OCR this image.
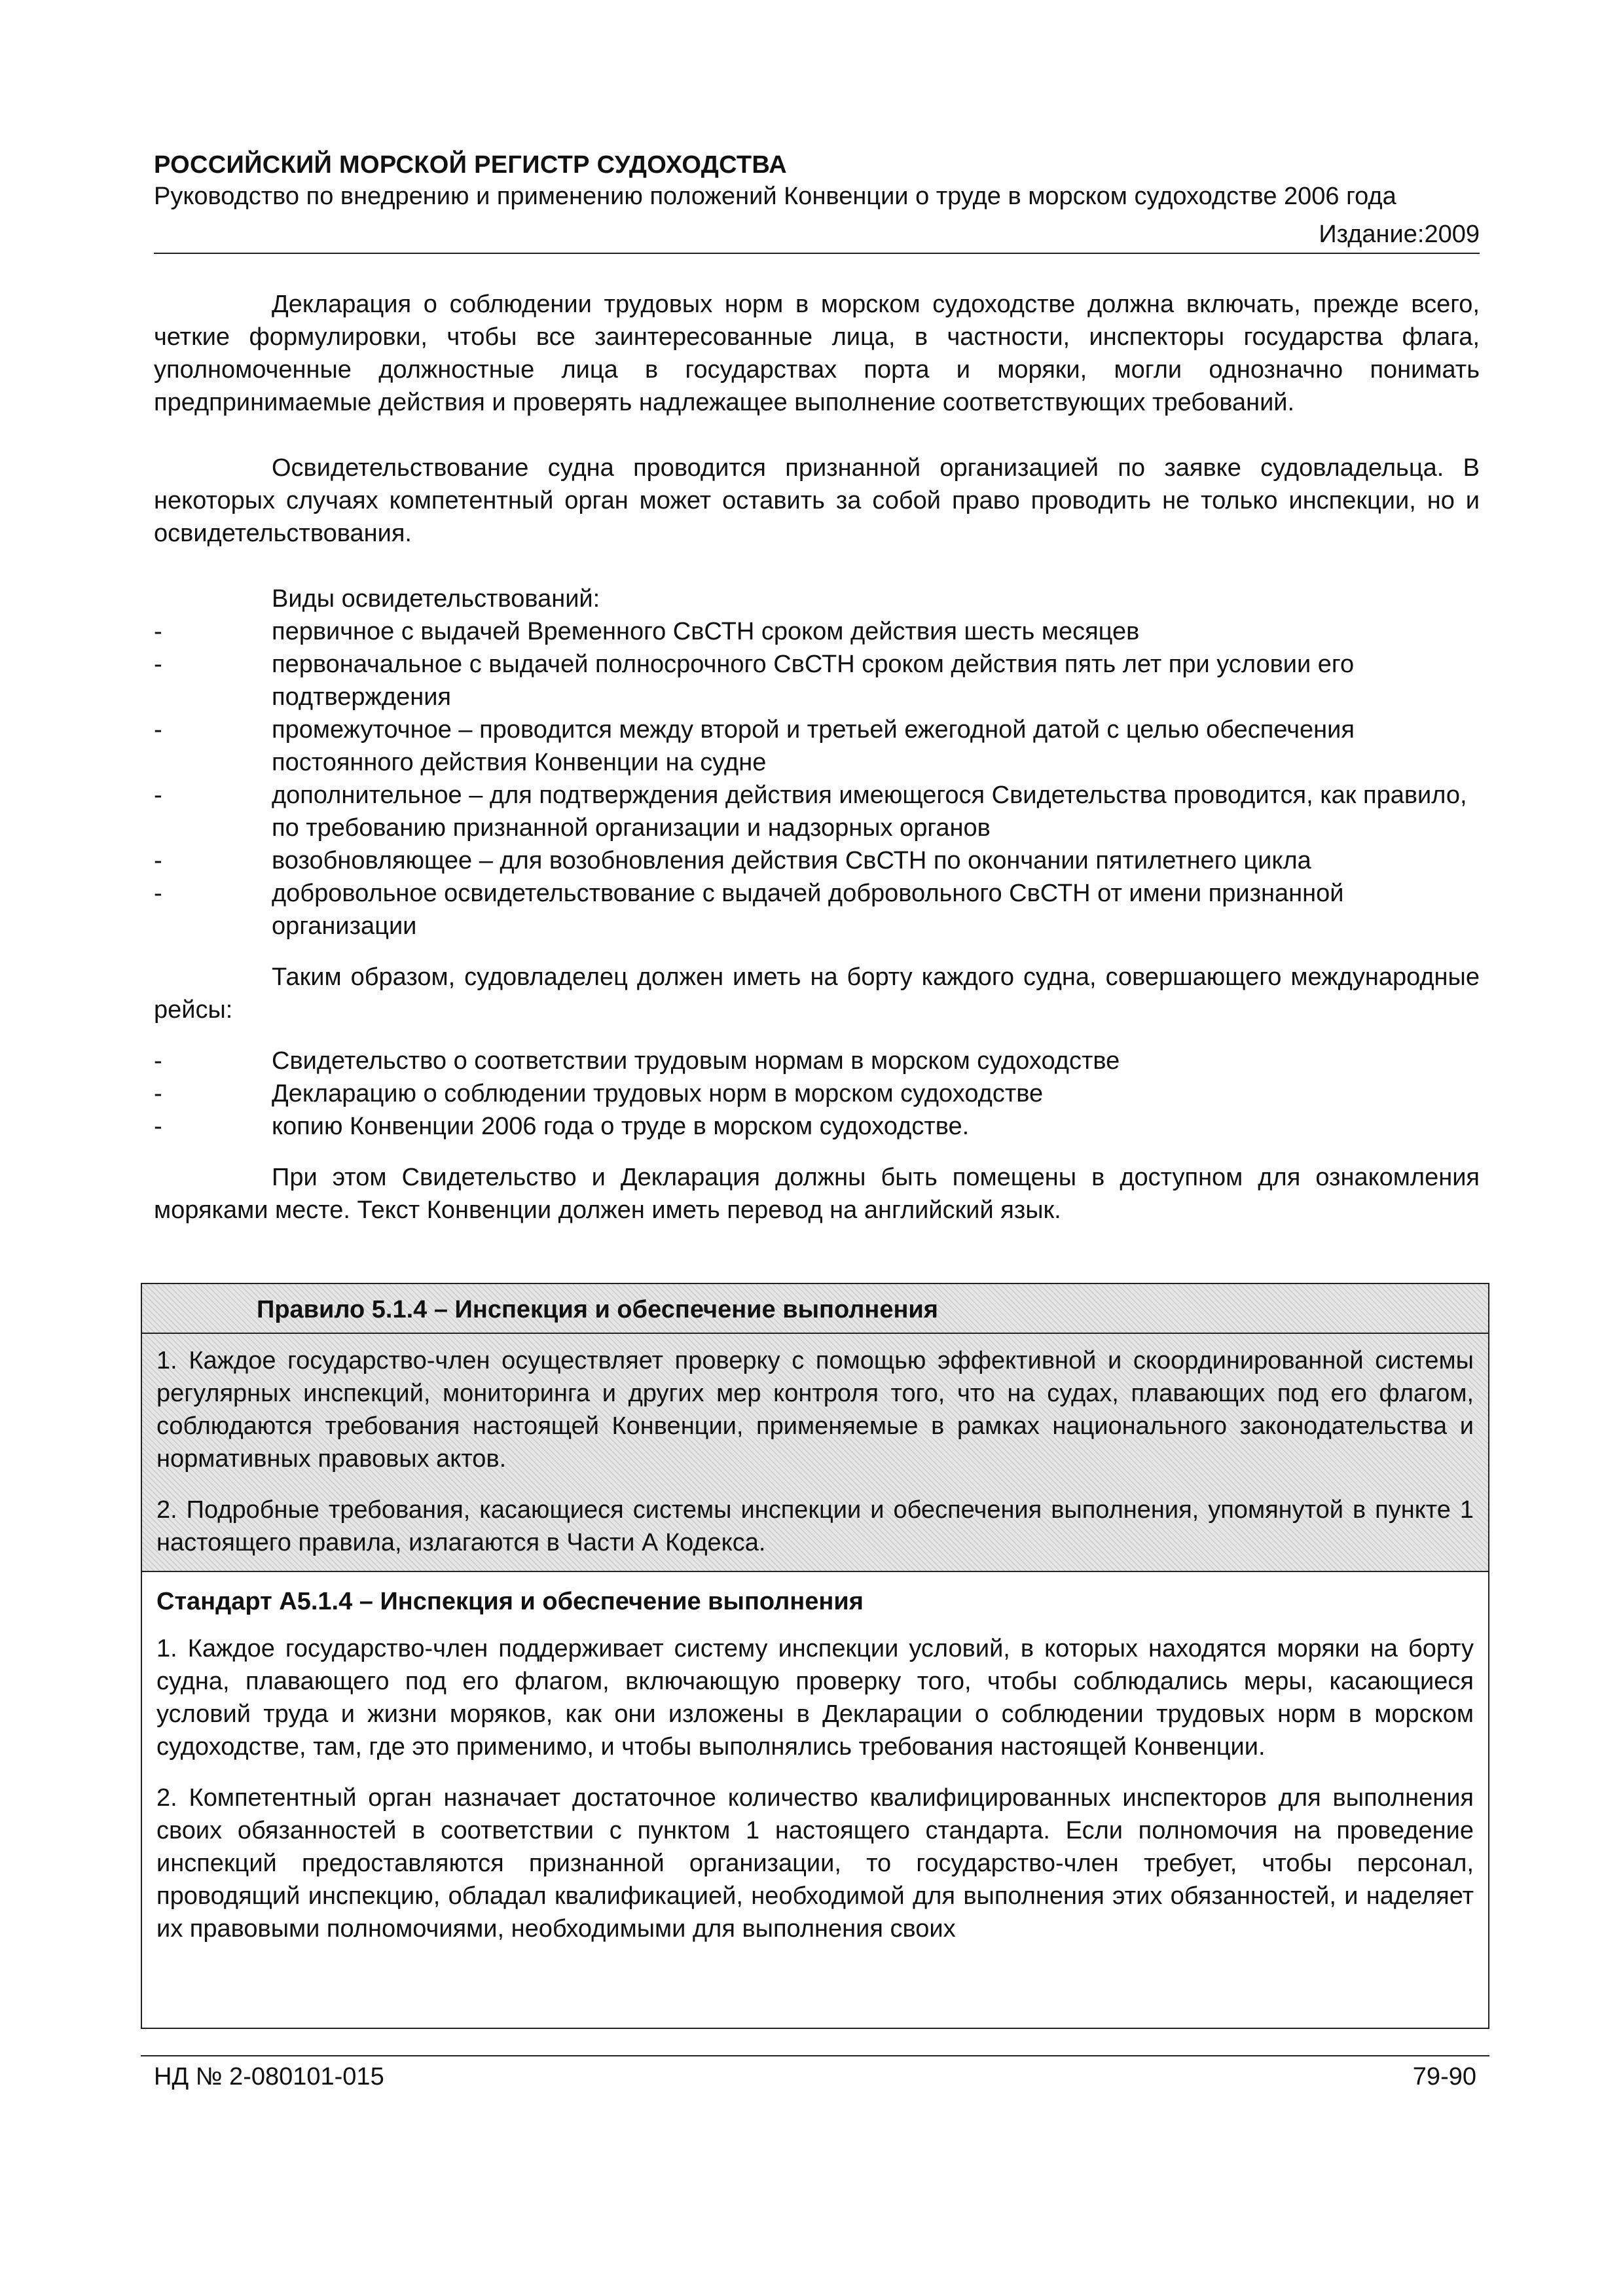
РОССИЙСКИЙ МОРСКОЙ РЕГИСТР СУДОХОДСТВА
Руководство по внедрению и применению положений Конвенции о труде в морском судоходстве 2006 года
Издание:2009

Декларация о соблюдении трудовых норм в морском судоходстве должна включать, прежде всего, четкие формулировки, чтобы все заинтересованные лица, в частности, инспекторы государства флага, уполномоченные должностные лица в государствах порта и моряки, могли однозначно понимать предпринимаемые действия и проверять надлежащее выполнение соответствующих требований.

Освидетельствование судна проводится признанной организацией по заявке судовладельца. В некоторых случаях компетентный орган может оставить за собой право проводить не только инспекции, но и освидетельствования.

Виды освидетельствований:

-	первичное с выдачей Временного СвСТН сроком действия шесть месяцев
-	первоначальное с выдачей полносрочного СвСТН сроком действия пять лет при условии его подтверждения
-	промежуточное – проводится между второй и третьей ежегодной датой с целью обеспечения постоянного действия Конвенции на судне
-	дополнительное – для подтверждения действия имеющегося Свидетельства проводится, как правило, по требованию признанной организации и надзорных органов
-	возобновляющее – для возобновления действия СвСТН по окончании пятилетнего цикла
-	добровольное освидетельствование с выдачей добровольного СвСТН от имени признанной организации

Таким образом, судовладелец должен иметь на борту каждого судна, совершающего международные рейсы:

-	Свидетельство о соответствии трудовым нормам в морском судоходстве
-	Декларацию о соблюдении трудовых норм в морском судоходстве
-	копию Конвенции 2006 года о труде в морском судоходстве.

При этом Свидетельство и Декларация должны быть помещены в доступном для ознакомления моряками месте. Текст Конвенции должен иметь перевод на английский язык.

Правило 5.1.4 – Инспекция и обеспечение выполнения

1. Каждое государство-член осуществляет проверку с помощью эффективной и скоординированной системы регулярных инспекций, мониторинга и других мер контроля того, что на судах, плавающих под его флагом, соблюдаются требования настоящей Конвенции, применяемые в рамках национального законодательства и нормативных правовых актов.

2. Подробные требования, касающиеся системы инспекции и обеспечения выполнения, упомянутой в пункте 1 настоящего правила, излагаются в Части А Кодекса.

Стандарт А5.1.4 – Инспекция и обеспечение выполнения

1. Каждое государство-член поддерживает систему инспекции условий, в которых находятся моряки на борту судна, плавающего под его флагом, включающую проверку того, чтобы соблюдались меры, касающиеся условий труда и жизни моряков, как они изложены в Декларации о соблюдении трудовых норм в морском судоходстве, там, где это применимо, и чтобы выполнялись требования настоящей Конвенции.

2. Компетентный орган назначает достаточное количество квалифицированных инспекторов для выполнения своих обязанностей в соответствии с пунктом 1 настоящего стандарта. Если полномочия на проведение инспекций предоставляются признанной организации, то государство-член требует, чтобы персонал, проводящий инспекцию, обладал квалификацией, необходимой для выполнения этих обязанностей, и наделяет их правовыми полномочиями, необходимыми для выполнения своих

НД № 2-080101-015	79-90
